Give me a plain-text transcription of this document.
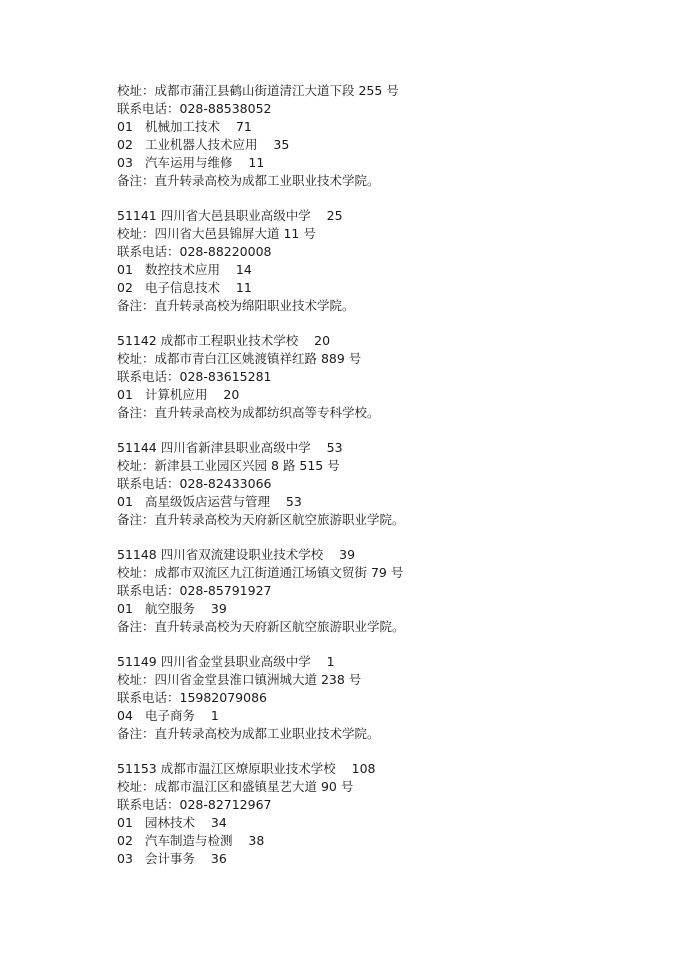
校址：成都市蒲江县鹤山街道清江大道下段 255 号
联系电话：028-88538052
01 机械加工技术 71
02 工业机器人技术应用 35
03 汽车运用与维修 11
备注：直升转录高校为成都工业职业技术学院。
51141 四川省大邑县职业高级中学    25
校址：四川省大邑县锦屏大道 11 号
联系电话：028-88220008
01 数控技术应用 14
02 电子信息技术 11
备注：直升转录高校为绵阳职业技术学院。
51142 成都市工程职业技术学校    20
校址：成都市青白江区姚渡镇祥红路 889 号
联系电话：028-83615281
01 计算机应用 20
备注：直升转录高校为成都纺织高等专科学校。
51144 四川省新津县职业高级中学    53
校址：新津县工业园区兴园 8 路 515 号
联系电话：028-82433066
01 高星级饭店运营与管理 53
备注：直升转录高校为天府新区航空旅游职业学院。
51148 四川省双流建设职业技术学校    39
校址：成都市双流区九江街道通江场镇文贸街 79 号
联系电话：028-85791927
01 航空服务 39
备注：直升转录高校为天府新区航空旅游职业学院。
51149 四川省金堂县职业高级中学    1
校址：四川省金堂县淮口镇洲城大道 238 号
联系电话：15982079086
04 电子商务 1
备注：直升转录高校为成都工业职业技术学院。
51153 成都市温江区燎原职业技术学校    108
校址：成都市温江区和盛镇星艺大道 90 号
联系电话：028-82712967
01 园林技术 34
02 汽车制造与检测 38
03 会计事务 36
